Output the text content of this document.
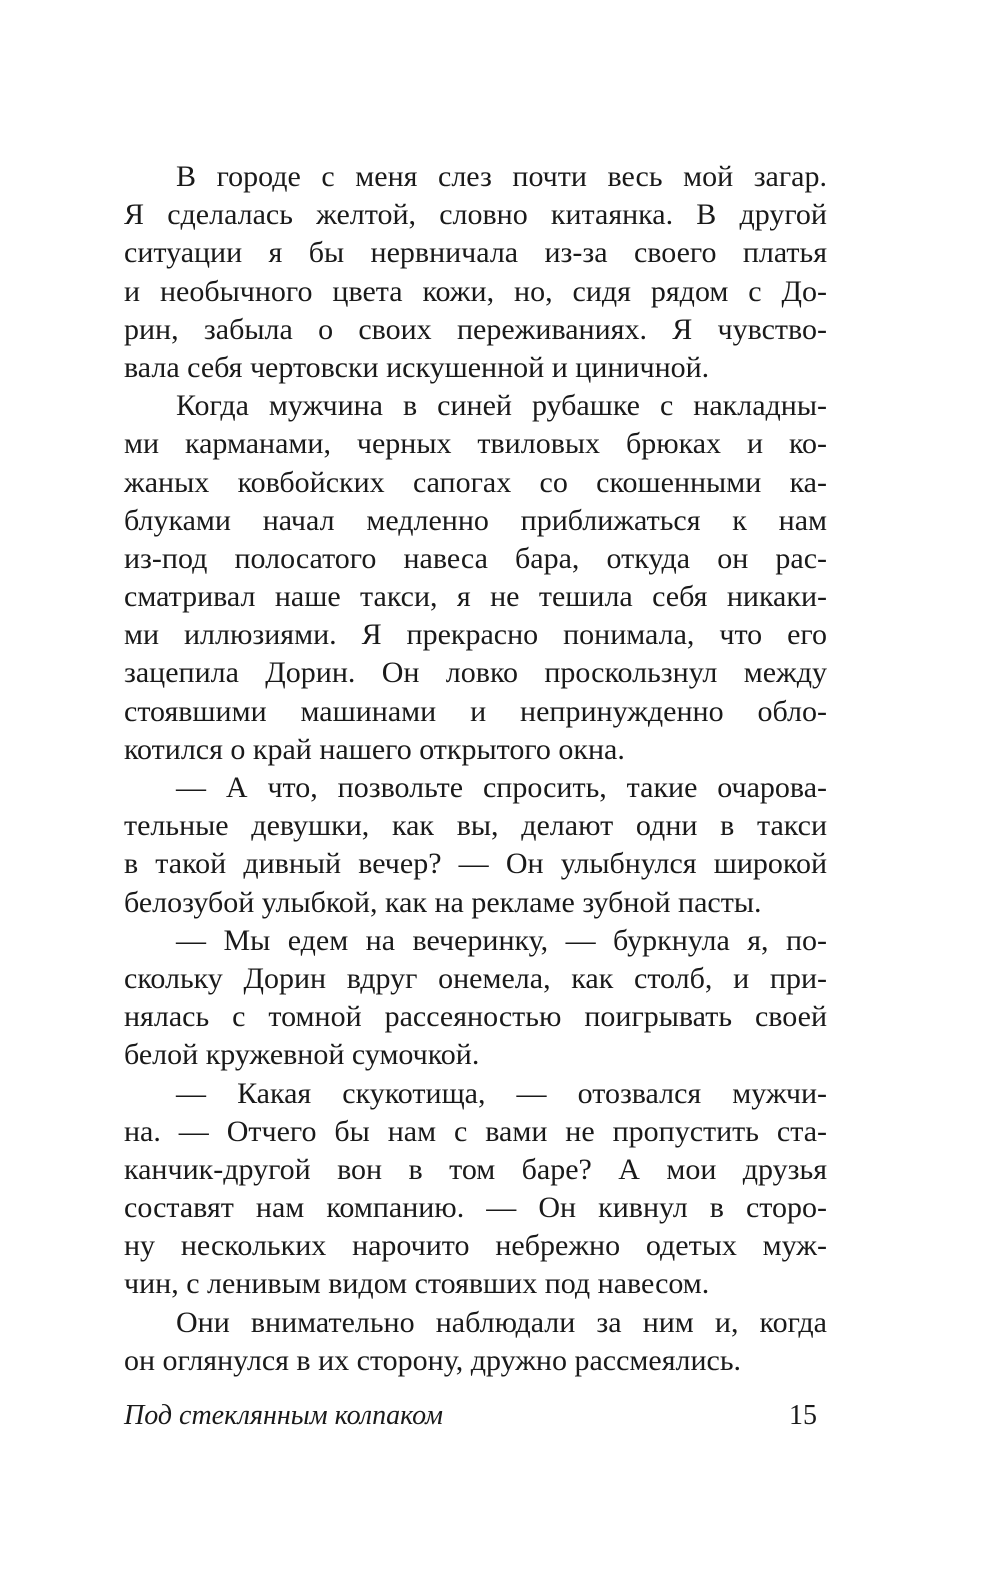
В городе с меня слез почти весь мой загар.
Я сделалась желтой, словно китаянка. В другой
ситуации я бы нервничала из-за своего платья
и необычного цвета кожи, но, сидя рядом с До-
рин, забыла о своих переживаниях. Я чувство-
вала себя чертовски искушенной и циничной.
Когда мужчина в синей рубашке с накладны-
ми карманами, черных твиловых брюках и ко-
жаных ковбойских сапогах со скошенными ка-
блуками начал медленно приближаться к нам
из-под полосатого навеса бара, откуда он рас-
сматривал наше такси, я не тешила себя никаки-
ми иллюзиями. Я прекрасно понимала, что его
зацепила Дорин. Он ловко проскользнул между
стоявшими машинами и непринужденно обло-
котился о край нашего открытого окна.
— А что, позвольте спросить, такие очарова-
тельные девушки, как вы, делают одни в такси
в такой дивный вечер? — Он улыбнулся широкой
белозубой улыбкой, как на рекламе зубной пасты.
— Мы едем на вечеринку, — буркнула я, по-
скольку Дорин вдруг онемела, как столб, и при-
нялась с томной рассеяностью поигрывать своей
белой кружевной сумочкой.
— Какая скукотища, — отозвался мужчи-
на. — Отчего бы нам с вами не пропустить ста-
канчик-другой вон в том баре? А мои друзья
составят нам компанию. — Он кивнул в сторо-
ну нескольких нарочито небрежно одетых муж-
чин, с ленивым видом стоявших под навесом.
Они внимательно наблюдали за ним и, когда
он оглянулся в их сторону, дружно рассмеялись.
Под стеклянным колпаком	15
